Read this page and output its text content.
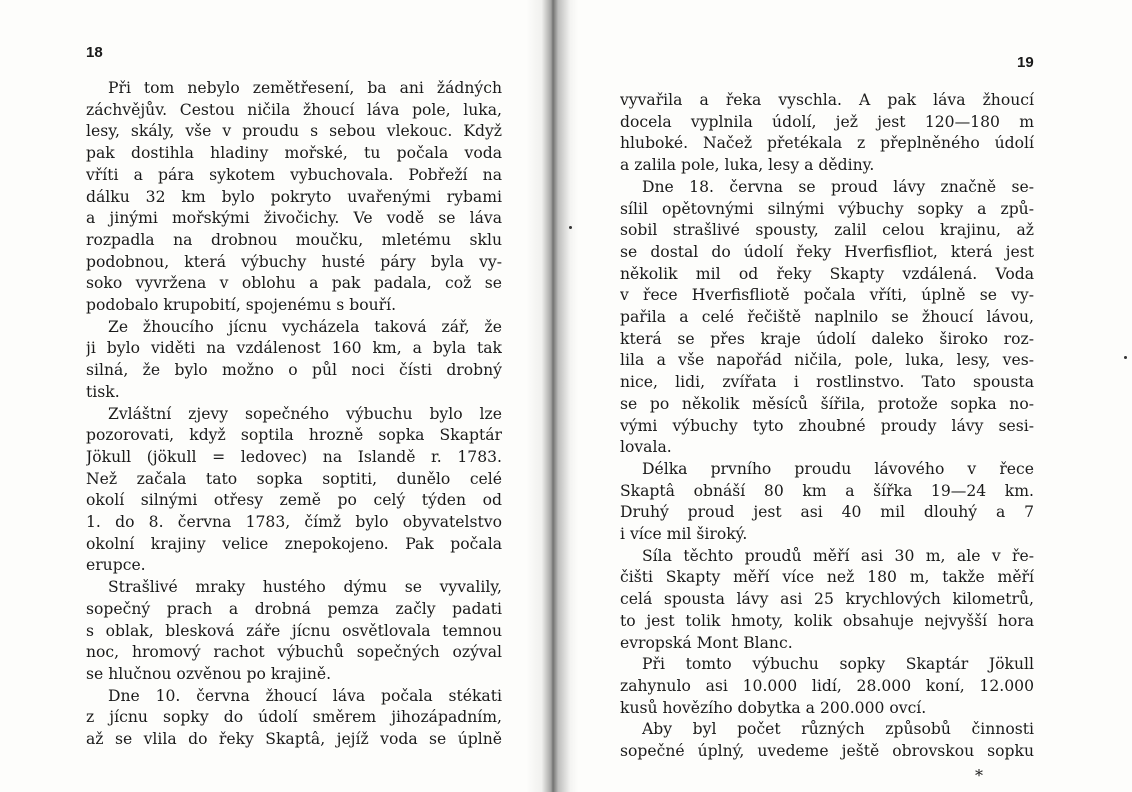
18
Při tom nebylo zemětřesení, ba ani žádných
záchvějův. Cestou ničila žhoucí láva pole, luka,
lesy, skály, vše v proudu s sebou vlekouc. Když
pak dostihla hladiny mořské, tu počala voda
vříti a pára sykotem vybuchovala. Pobřeží na
dálku 32 km bylo pokryto uvařenými rybami
a jinými mořskými živočichy. Ve vodě se láva
rozpadla na drobnou moučku, mletému sklu
podobnou, která výbuchy husté páry byla vy-
soko vyvržena v oblohu a pak padala, což se
podobalo krupobití, spojenému s bouří.
Ze žhoucího jícnu vycházela taková zář, že
ji bylo viděti na vzdálenost 160 km, a byla tak
silná, že bylo možno o půl noci čísti drobný
tisk.
Zvláštní zjevy sopečného výbuchu bylo lze
pozorovati, když soptila hrozně sopka Skaptár
Jökull (jökull = ledovec) na Islandě r. 1783.
Než začala tato sopka soptiti, dunělo celé
okolí silnými otřesy země po celý týden od
1. do 8. června 1783, čímž bylo obyvatelstvo
okolní krajiny velice znepokojeno. Pak počala
erupce.
Strašlivé mraky hustého dýmu se vyvalily,
sopečný prach a drobná pemza začly padati
s oblak, blesková záře jícnu osvětlovala temnou
noc, hromový rachot výbuchů sopečných ozýval
se hlučnou ozvěnou po krajině.
Dne 10. června žhoucí láva počala stékati
z jícnu sopky do údolí směrem jihozápadním,
až se vlila do řeky Skaptâ, jejíž voda se úplně
19
vyvařila a řeka vyschla. A pak láva žhoucí
docela vyplnila údolí, jež jest 120—180 m
hluboké. Načež přetékala z přeplněného údolí
a zalila pole, luka, lesy a dědiny.
Dne 18. června se proud lávy značně se-
sílil opětovnými silnými výbuchy sopky a způ-
sobil strašlivé spousty, zalil celou krajinu, až
se dostal do údolí řeky Hverfisfliot, která jest
několik mil od řeky Skapty vzdálená. Voda
v řece Hverfisfliotě počala vříti, úplně se vy-
pařila a celé řečiště naplnilo se žhoucí lávou,
která se přes kraje údolí daleko široko roz-
lila a vše napořád ničila, pole, luka, lesy, ves-
nice, lidi, zvířata i rostlinstvo. Tato spousta
se po několik měsíců šířila, protože sopka no-
vými výbuchy tyto zhoubné proudy lávy sesi-
lovala.
Délka prvního proudu lávového v řece
Skaptâ obnáší 80 km a šířka 19—24 km.
Druhý proud jest asi 40 mil dlouhý a 7
i více mil široký.
Síla těchto proudů měří asi 30 m, ale v ře-
čišti Skapty měří více než 180 m, takže měří
celá spousta lávy asi 25 krychlových kilometrů,
to jest tolik hmoty, kolik obsahuje nejvyšší hora
evropská Mont Blanc.
Při tomto výbuchu sopky Skaptár Jökull
zahynulo asi 10.000 lidí, 28.000 koní, 12.000
kusů hovězího dobytka a 200.000 ovcí.
Aby byl počet různých způsobů činnosti
sopečné úplný, uvedeme ještě obrovskou sopku
*
